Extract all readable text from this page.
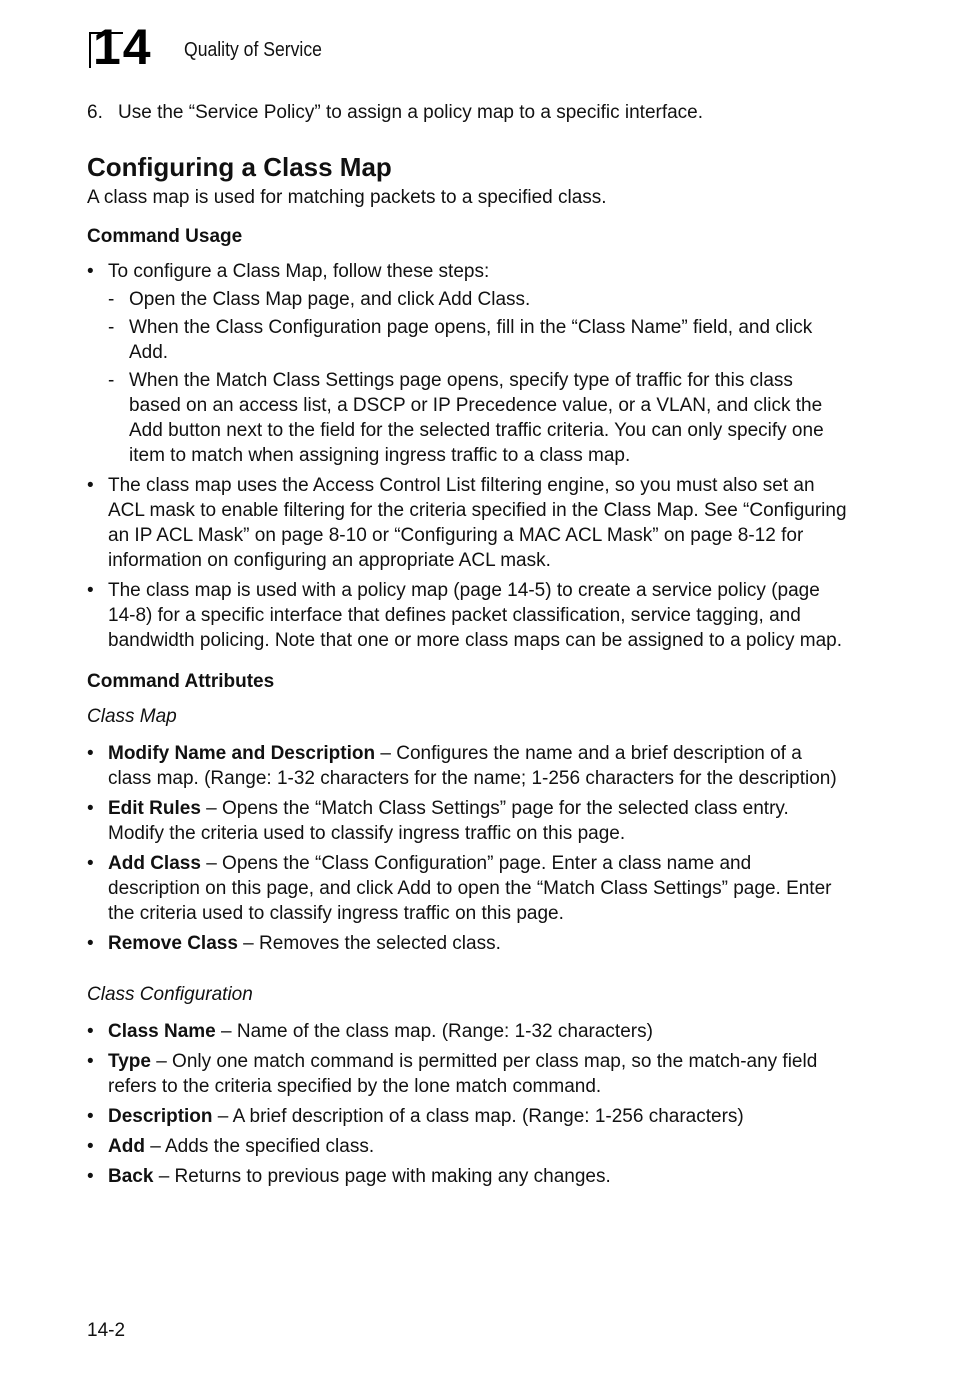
14 Quality of Service

6. Use the “Service Policy” to assign a policy map to a specific interface.

Configuring a Class Map

A class map is used for matching packets to a specified class.

Command Usage
• To configure a Class Map, follow these steps:
- Open the Class Map page, and click Add Class.
- When the Class Configuration page opens, fill in the “Class Name” field, and click Add.
- When the Match Class Settings page opens, specify type of traffic for this class based on an access list, a DSCP or IP Precedence value, or a VLAN, and click the Add button next to the field for the selected traffic criteria. You can only specify one item to match when assigning ingress traffic to a class map.
• The class map uses the Access Control List filtering engine, so you must also set an ACL mask to enable filtering for the criteria specified in the Class Map. See “Configuring an IP ACL Mask” on page 8-10 or “Configuring a MAC ACL Mask” on page 8-12 for information on configuring an appropriate ACL mask.
• The class map is used with a policy map (page 14-5) to create a service policy (page 14-8) for a specific interface that defines packet classification, service tagging, and bandwidth policing. Note that one or more class maps can be assigned to a policy map.
Command Attributes

Class Map

• Modify Name and Description – Configures the name and a brief description of a class map. (Range: 1-32 characters for the name; 1-256 characters for the description)
• Edit Rules – Opens the “Match Class Settings” page for the selected class entry. Modify the criteria used to classify ingress traffic on this page.
• Add Class – Opens the “Class Configuration” page. Enter a class name and description on this page, and click Add to open the “Match Class Settings” page. Enter the criteria used to classify ingress traffic on this page.
• Remove Class – Removes the selected class.

Class Configuration

• Class Name – Name of the class map. (Range: 1-32 characters)
• Type – Only one match command is permitted per class map, so the match-any field refers to the criteria specified by the lone match command.
• Description – A brief description of a class map. (Range: 1-256 characters)
• Add – Adds the specified class.
• Back – Returns to previous page with making any changes.
14-2
